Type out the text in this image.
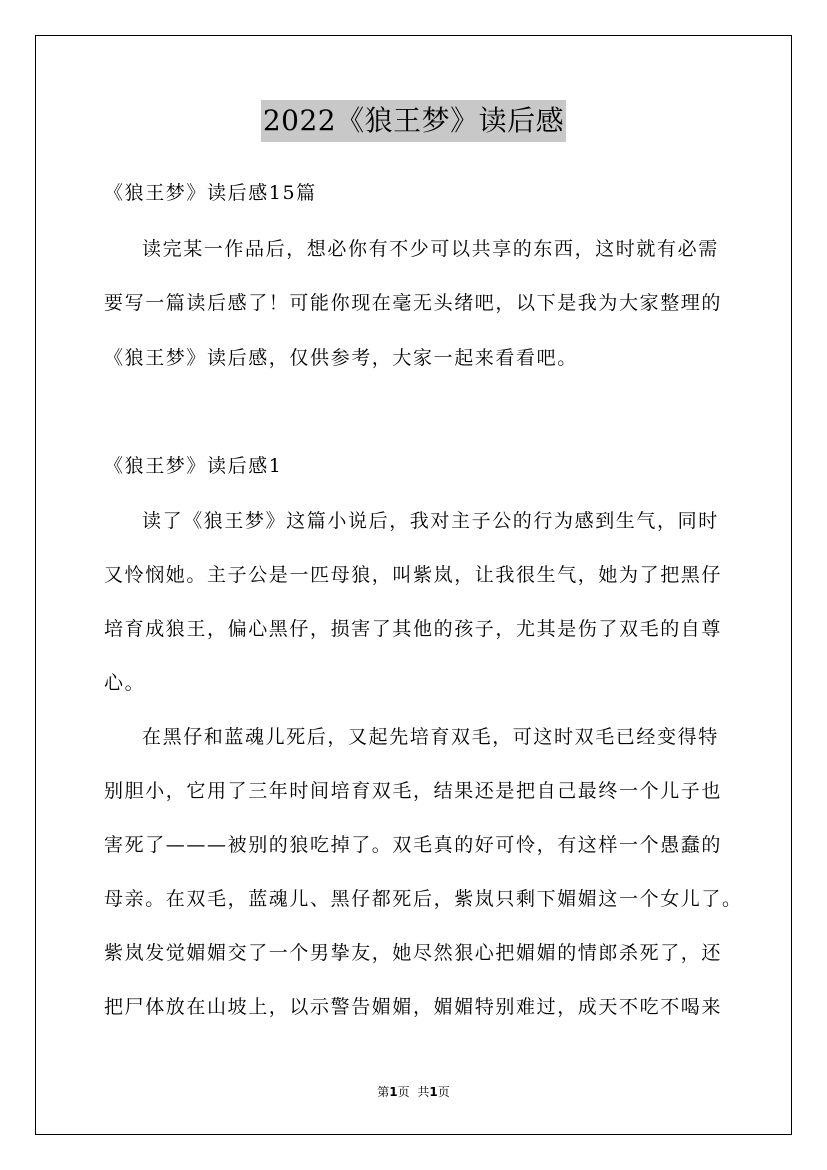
2022《狼王梦》读后感
《狼王梦》读后感15篇
读完某一作品后，想必你有不少可以共享的东西，这时就有必需
要写一篇读后感了！可能你现在毫无头绪吧，以下是我为大家整理的
《狼王梦》读后感，仅供参考，大家一起来看看吧。
《狼王梦》读后感1
读了《狼王梦》这篇小说后，我对主子公的行为感到生气，同时
又怜悯她。主子公是一匹母狼，叫紫岚，让我很生气，她为了把黑仔
培育成狼王，偏心黑仔，损害了其他的孩子，尤其是伤了双毛的自尊
心。
在黑仔和蓝魂儿死后，又起先培育双毛，可这时双毛已经变得特
别胆小，它用了三年时间培育双毛，结果还是把自己最终一个儿子也
害死了———被别的狼吃掉了。双毛真的好可怜，有这样一个愚蠢的
母亲。在双毛，蓝魂儿、黑仔都死后，紫岚只剩下媚媚这一个女儿了。
紫岚发觉媚媚交了一个男挚友，她尽然狠心把媚媚的情郎杀死了，还
把尸体放在山坡上，以示警告媚媚，媚媚特别难过，成天不吃不喝来
第1页 共1页
